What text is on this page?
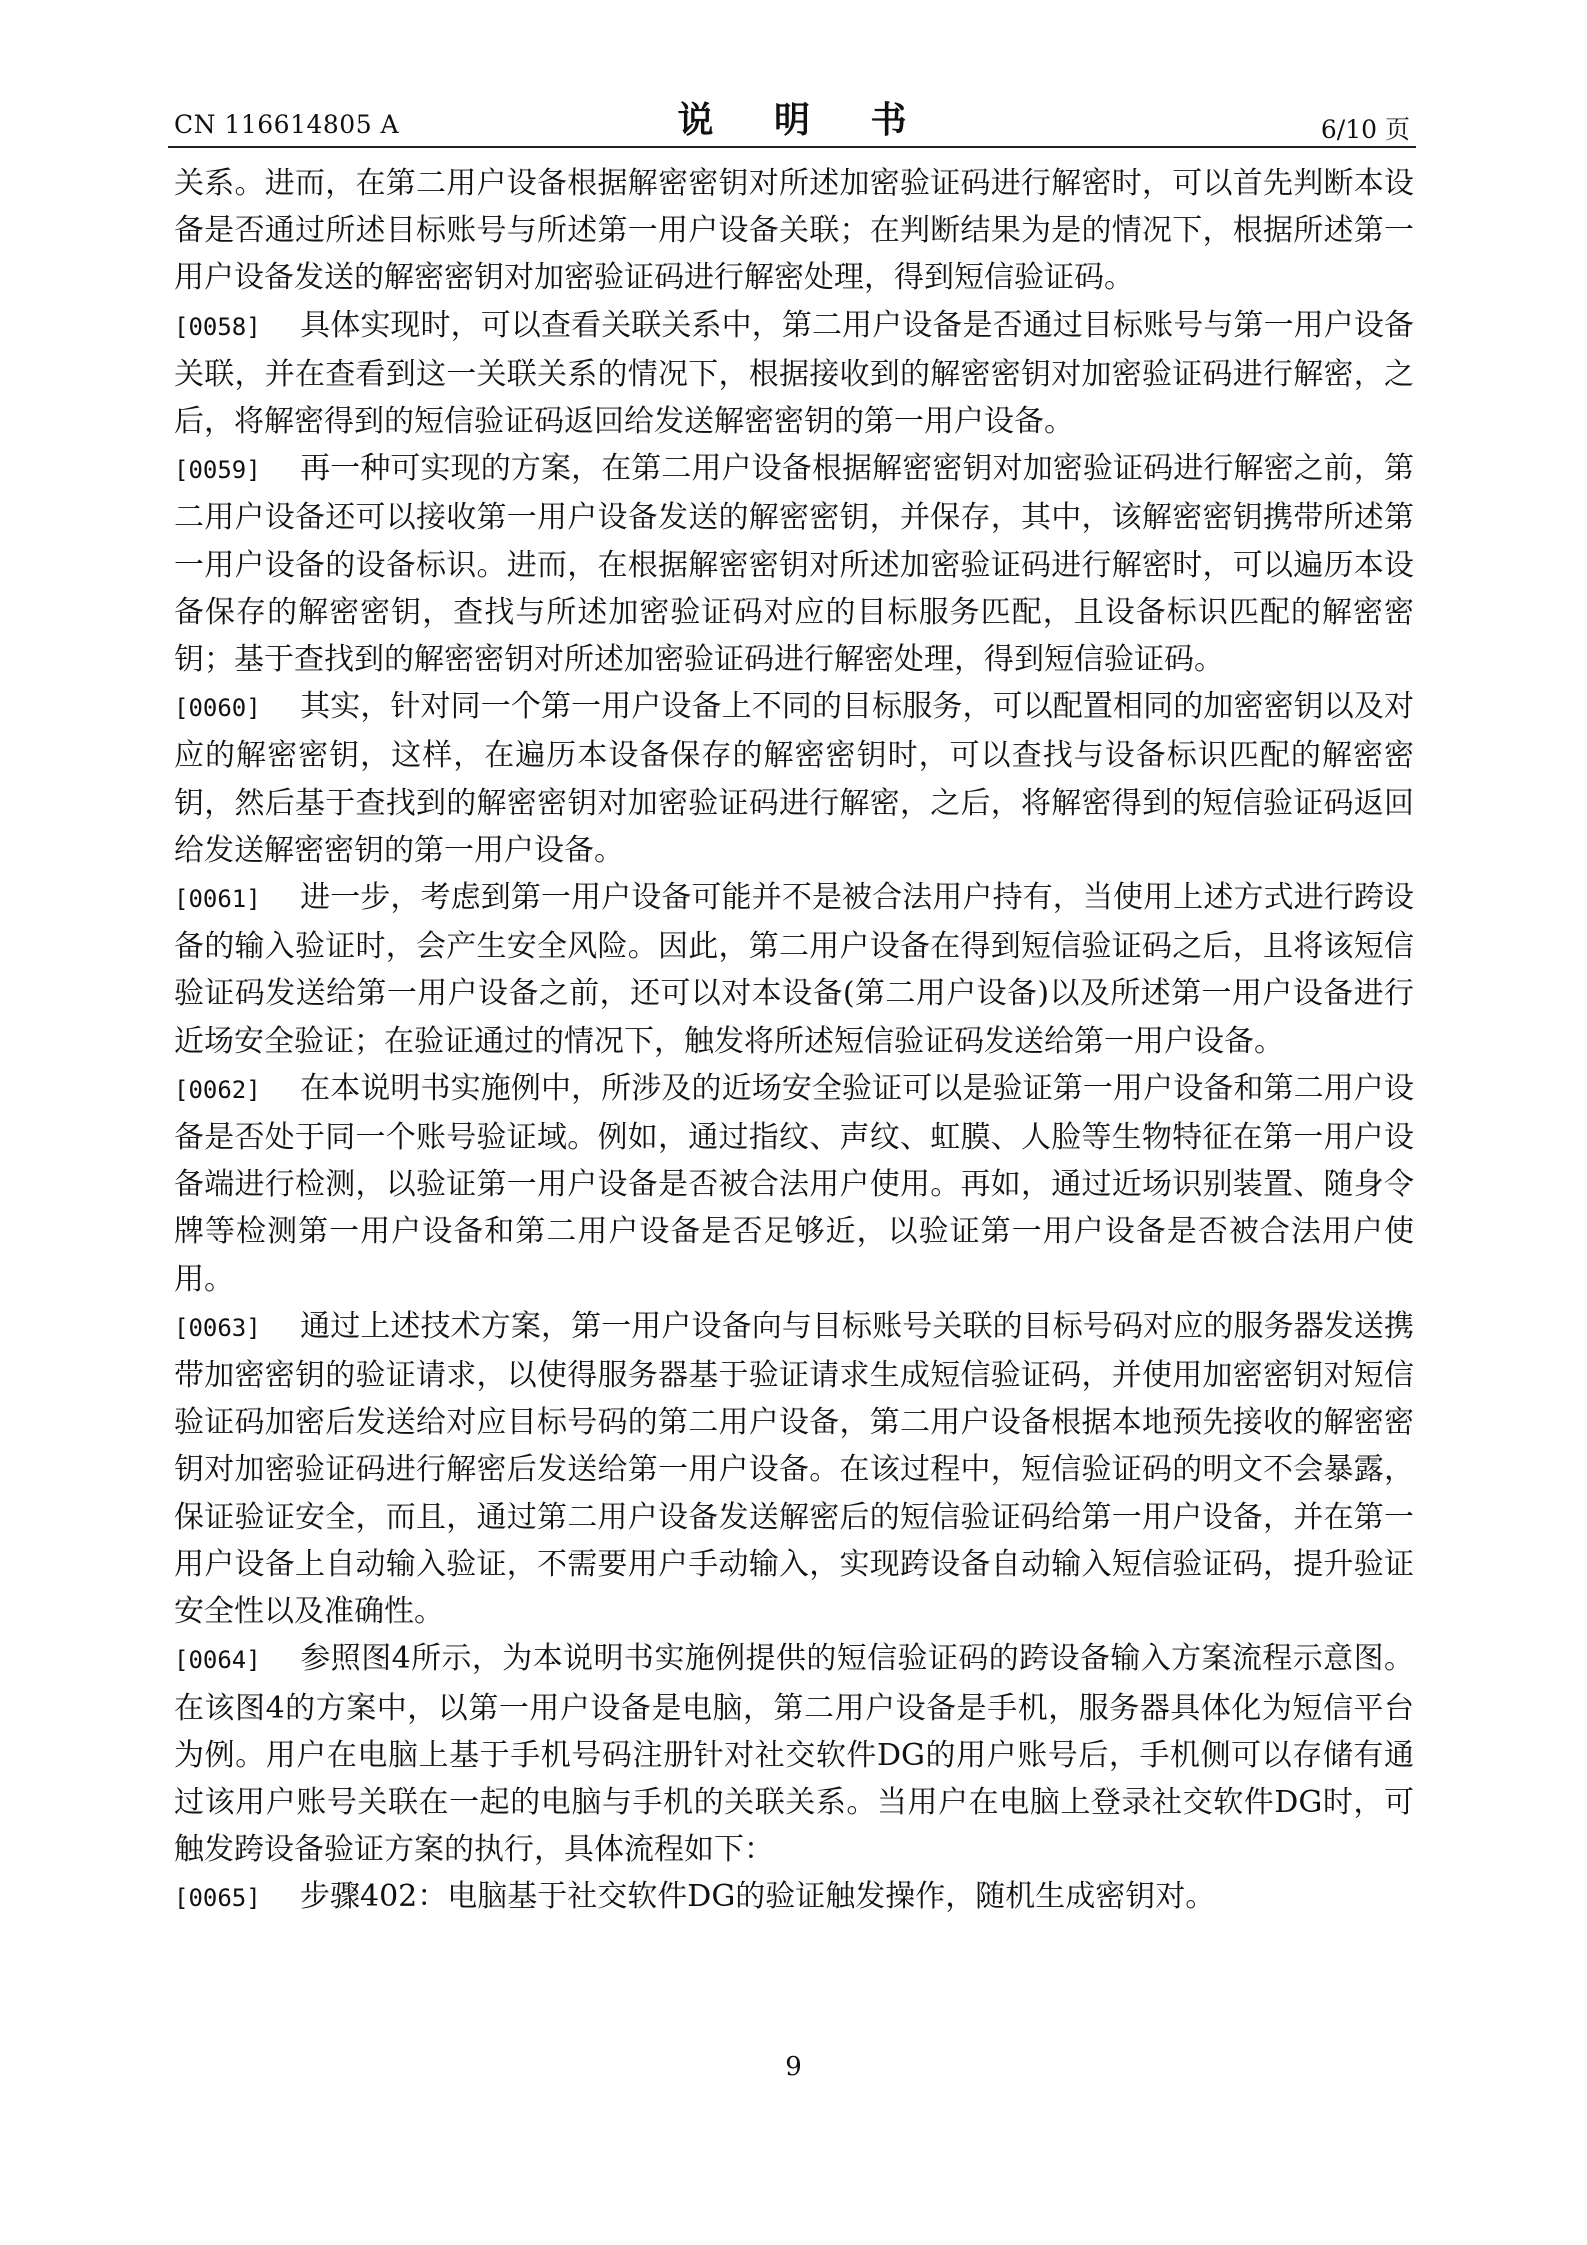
CN 116614805 A	说 明 书	6/10 页

关系。进而，在第二用户设备根据解密密钥对所述加密验证码进行解密时，可以首先判断本设备是否通过所述目标账号与所述第一用户设备关联；在判断结果为是的情况下，根据所述第一用户设备发送的解密密钥对加密验证码进行解密处理，得到短信验证码。

[0058] 具体实现时，可以查看关联关系中，第二用户设备是否通过目标账号与第一用户设备关联，并在查看到这一关联关系的情况下，根据接收到的解密密钥对加密验证码进行解密，之后，将解密得到的短信验证码返回给发送解密密钥的第一用户设备。

[0059] 再一种可实现的方案，在第二用户设备根据解密密钥对加密验证码进行解密之前，第二用户设备还可以接收第一用户设备发送的解密密钥，并保存，其中，该解密密钥携带所述第一用户设备的设备标识。进而，在根据解密密钥对所述加密验证码进行解密时，可以遍历本设备保存的解密密钥，查找与所述加密验证码对应的目标服务匹配，且设备标识匹配的解密密钥；基于查找到的解密密钥对所述加密验证码进行解密处理，得到短信验证码。

[0060] 其实，针对同一个第一用户设备上不同的目标服务，可以配置相同的加密密钥以及对应的解密密钥，这样，在遍历本设备保存的解密密钥时，可以查找与设备标识匹配的解密密钥，然后基于查找到的解密密钥对加密验证码进行解密，之后，将解密得到的短信验证码返回给发送解密密钥的第一用户设备。

[0061] 进一步，考虑到第一用户设备可能并不是被合法用户持有，当使用上述方式进行跨设备的输入验证时，会产生安全风险。因此，第二用户设备在得到短信验证码之后，且将该短信验证码发送给第一用户设备之前，还可以对本设备(第二用户设备)以及所述第一用户设备进行近场安全验证；在验证通过的情况下，触发将所述短信验证码发送给第一用户设备。

[0062] 在本说明书实施例中，所涉及的近场安全验证可以是验证第一用户设备和第二用户设备是否处于同一个账号验证域。例如，通过指纹、声纹、虹膜、人脸等生物特征在第一用户设备端进行检测，以验证第一用户设备是否被合法用户使用。再如，通过近场识别装置、随身令牌等检测第一用户设备和第二用户设备是否足够近，以验证第一用户设备是否被合法用户使用。

[0063] 通过上述技术方案，第一用户设备向与目标账号关联的目标号码对应的服务器发送携带加密密钥的验证请求，以使得服务器基于验证请求生成短信验证码，并使用加密密钥对短信验证码加密后发送给对应目标号码的第二用户设备，第二用户设备根据本地预先接收的解密密钥对加密验证码进行解密后发送给第一用户设备。在该过程中，短信验证码的明文不会暴露，保证验证安全，而且，通过第二用户设备发送解密后的短信验证码给第一用户设备，并在第一用户设备上自动输入验证，不需要用户手动输入，实现跨设备自动输入短信验证码，提升验证安全性以及准确性。

[0064] 参照图4所示，为本说明书实施例提供的短信验证码的跨设备输入方案流程示意图。在该图4的方案中，以第一用户设备是电脑，第二用户设备是手机，服务器具体化为短信平台为例。用户在电脑上基于手机号码注册针对社交软件DG的用户账号后，手机侧可以存储有通过该用户账号关联在一起的电脑与手机的关联关系。当用户在电脑上登录社交软件DG时，可触发跨设备验证方案的执行，具体流程如下：

[0065] 步骤402：电脑基于社交软件DG的验证触发操作，随机生成密钥对。

9
